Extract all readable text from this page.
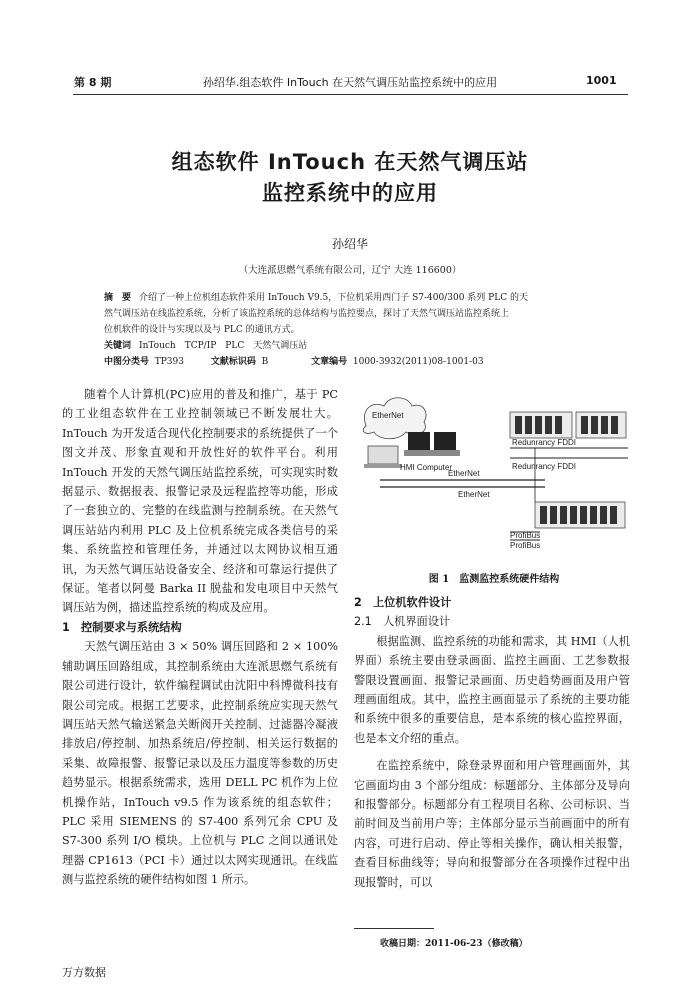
第 8 期	孙绍华.组态软件 InTouch 在天然气调压站监控系统中的应用	1001
组态软件 InTouch 在天然气调压站
监控系统中的应用
孙绍华
（大连派思燃气系统有限公司，辽宁 大连 116600）
摘　要 介绍了一种上位机组态软件采用 InTouch V9.5，下位机采用西门子 S7-400/300 系列 PLC 的天
然气调压站在线监控系统，分析了该监控系统的总体结构与监控要点，探讨了天然气调压站监控系统上
位机软件的设计与实现以及与 PLC 的通讯方式。
关键词 InTouch　TCP/IP　PLC　天然气调压站
中图分类号 TP393	文献标识码 B	文章编号 1000-3932(2011)08-1001-03

随着个人计算机(PC)应用的普及和推广，基于 PC 的工业组态软件在工业控制领域已不断发展壮大。InTouch 为开发适合现代化控制要求的系统提供了一个图文并茂、形象直观和开放性好的软件平台。利用 InTouch 开发的天然气调压站监控系统，可实现实时数据显示、数据报表、报警记录及远程监控等功能，形成了一套独立的、完整的在线监测与控制系统。在天然气调压站站内利用 PLC 及上位机系统完成各类信号的采集、系统监控和管理任务，并通过以太网协议相互通讯，为天然气调压站设备安全、经济和可靠运行提供了保证。笔者以阿曼 Barka II 脱盐和发电项目中天然气调压站为例，描述监控系统的构成及应用。

1　控制要求与系统结构

天然气调压站由 3 × 50% 调压回路和 2 × 100% 辅助调压回路组成，其控制系统由大连派思燃气系统有限公司进行设计，软件编程调试由沈阳中科博微科技有限公司完成。根据工艺要求，此控制系统应实现天然气调压站天然气输送紧急关断阀开关控制、过滤器冷凝液排放启/停控制、加热系统启/停控制、相关运行数据的采集、故障报警、报警记录以及压力温度等参数的历史趋势显示。根据系统需求，选用 DELL PC 机作为上位机操作站，InTouch v9.5 作为该系统的组态软件；PLC 采用 SIEMENS 的 S7-400 系列冗余 CPU 及 S7-300 系列 I/O 模块。上位机与 PLC 之间以通讯处理器 CP1613（PCI 卡）通过以太网实现通讯。在线监测与监控系统的硬件结构如图 1 所示。

EtherNet
HMI Computer
EtherNet
EtherNet
Redunrancy FDDI
Redunrancy FDDI
ProfiBus
ProfiBus
图 1　监测监控系统硬件结构
2　上位机软件设计
2.1　人机界面设计

根据监测、监控系统的功能和需求，其 HMI（人机界面）系统主要由登录画面、监控主画面、工艺参数报警限设置画面、报警记录画面、历史趋势画面及用户管理画面组成。其中，监控主画面显示了系统的主要功能和系统中很多的重要信息，是本系统的核心监控界面，也是本文介绍的重点。

在监控系统中，除登录界面和用户管理画面外，其它画面均由 3 个部分组成：标题部分、主体部分及导向和报警部分。标题部分有工程项目名称、公司标识、当前时间及当前用户等；主体部分显示当前画面中的所有内容，可进行启动、停止等相关操作，确认相关报警，查看目标曲线等；导向和报警部分在各项操作过程中出现报警时，可以

收稿日期：2011-06-23（修改稿）
万方数据
